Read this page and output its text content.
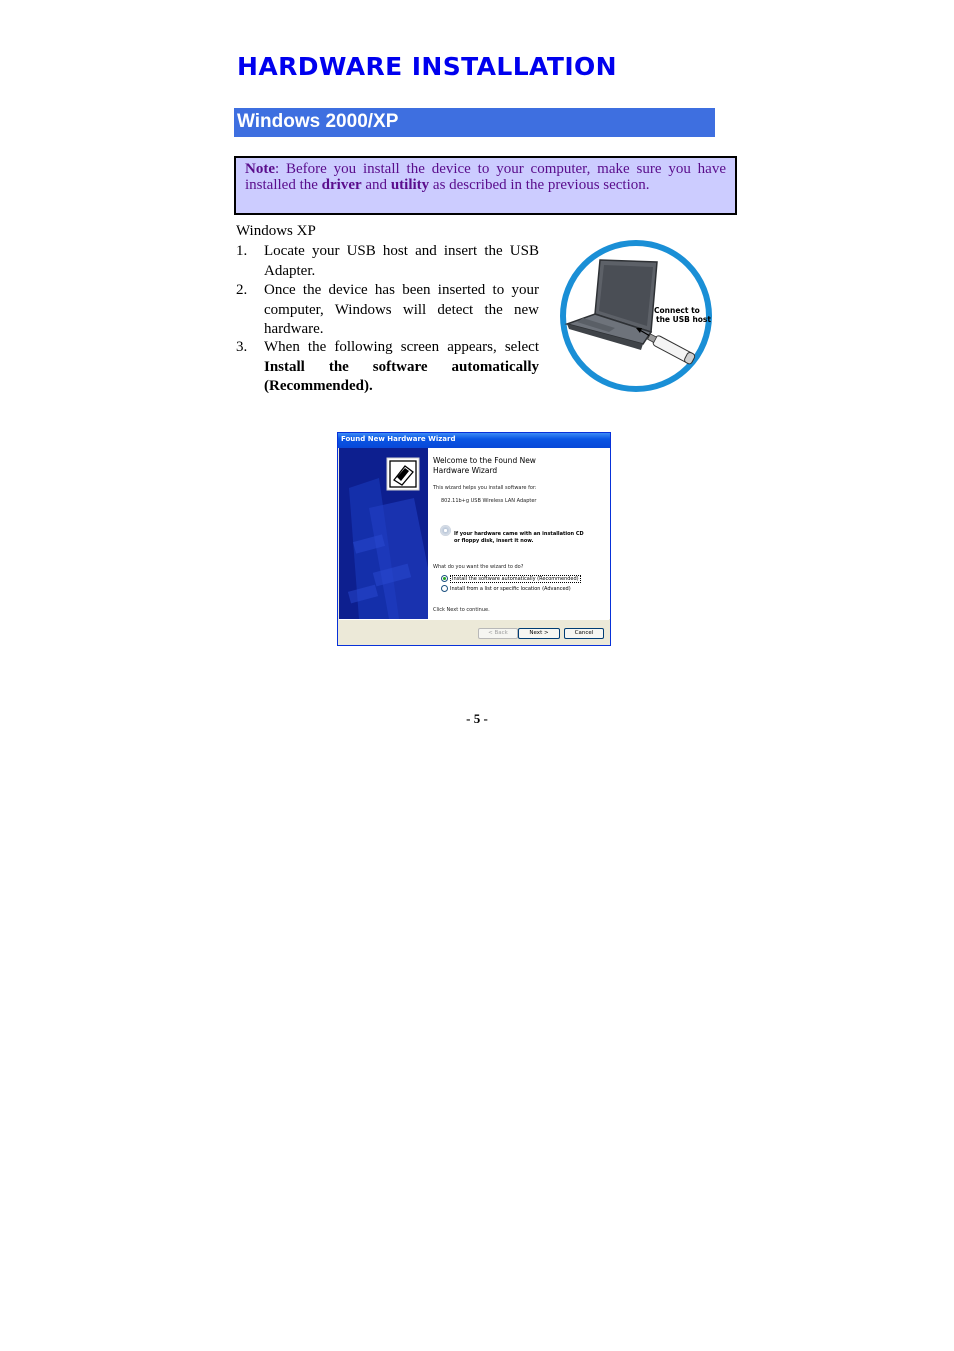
HARDWARE INSTALLATION
Windows 2000/XP
Note: Before you install the device to your computer, make sure you have installed the driver and utility as described in the previous section.
Windows XP
1. Locate your USB host and insert the USB Adapter.
2. Once the device has been inserted to your computer, Windows will detect the new hardware.
3. When the following screen appears, select Install the software automatically (Recommended).
Connect to
the USB host
Found New Hardware Wizard
Welcome to the Found New
Hardware Wizard
This wizard helps you install software for:
802.11b+g USB Wireless LAN Adapter
If your hardware came with an installation CD
or floppy disk, insert it now.
What do you want the wizard to do?
Install the software automatically (Recommended)
Install from a list or specific location (Advanced)
Click Next to continue.
< Back	Next >	Cancel
- 5 -
